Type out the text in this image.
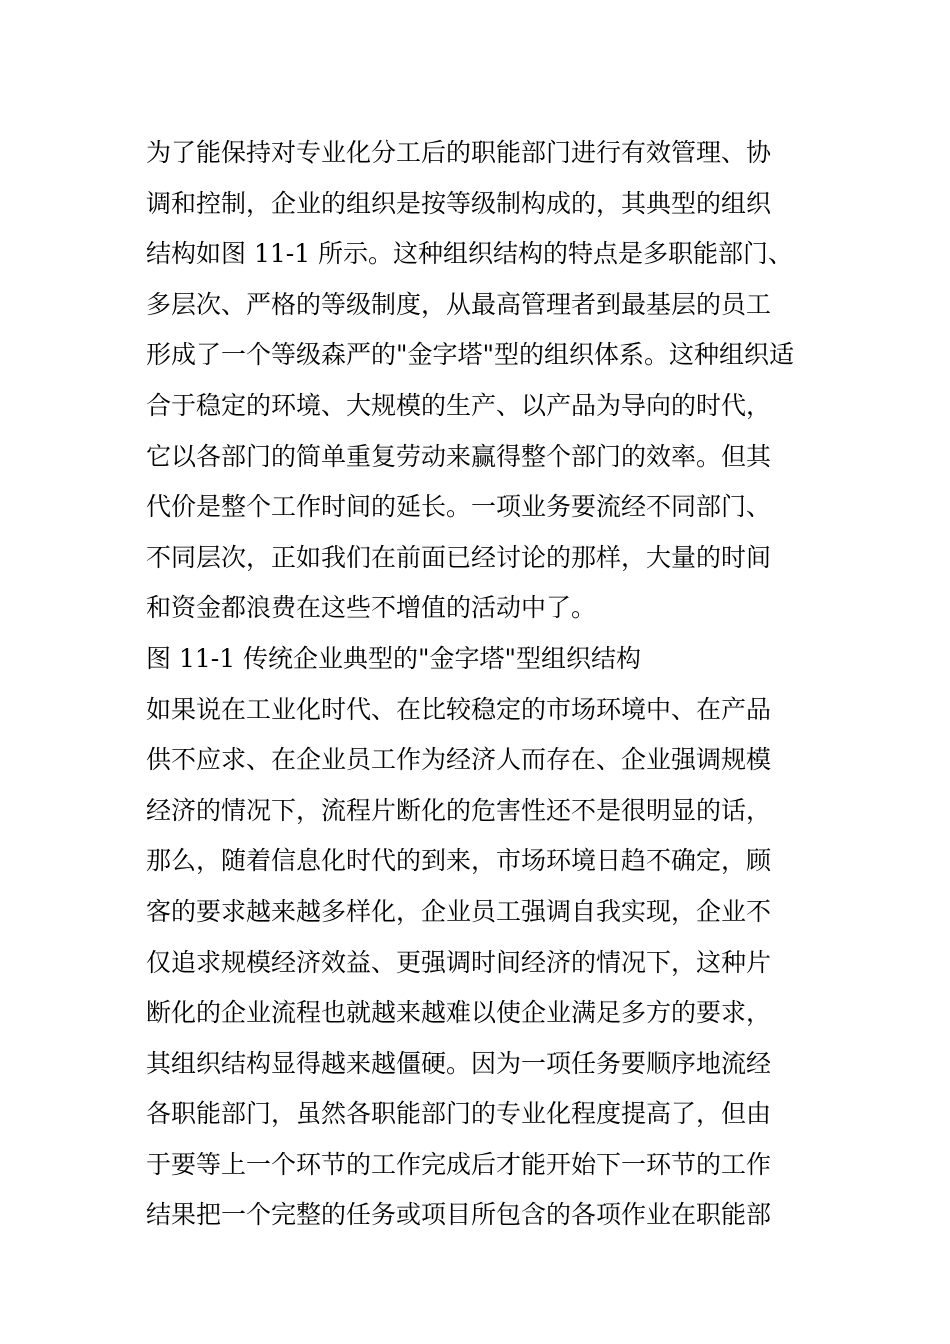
为了能保持对专业化分工后的职能部门进行有效管理、协
调和控制，企业的组织是按等级制构成的，其典型的组织
结构如图 11-1 所示。这种组织结构的特点是多职能部门、
多层次、严格的等级制度，从最高管理者到最基层的员工
形成了一个等级森严的"金字塔"型的组织体系。这种组织适
合于稳定的环境、大规模的生产、以产品为导向的时代，
它以各部门的简单重复劳动来赢得整个部门的效率。但其
代价是整个工作时间的延长。一项业务要流经不同部门、
不同层次，正如我们在前面已经讨论的那样，大量的时间
和资金都浪费在这些不增值的活动中了。
图 11-1 传统企业典型的"金字塔"型组织结构
如果说在工业化时代、在比较稳定的市场环境中、在产品
供不应求、在企业员工作为经济人而存在、企业强调规模
经济的情况下，流程片断化的危害性还不是很明显的话，
那么，随着信息化时代的到来，市场环境日趋不确定，顾
客的要求越来越多样化，企业员工强调自我实现，企业不
仅追求规模经济效益、更强调时间经济的情况下，这种片
断化的企业流程也就越来越难以使企业满足多方的要求，
其组织结构显得越来越僵硬。因为一项任务要顺序地流经
各职能部门，虽然各职能部门的专业化程度提高了，但由
于要等上一个环节的工作完成后才能开始下一环节的工作
结果把一个完整的任务或项目所包含的各项作业在职能部
